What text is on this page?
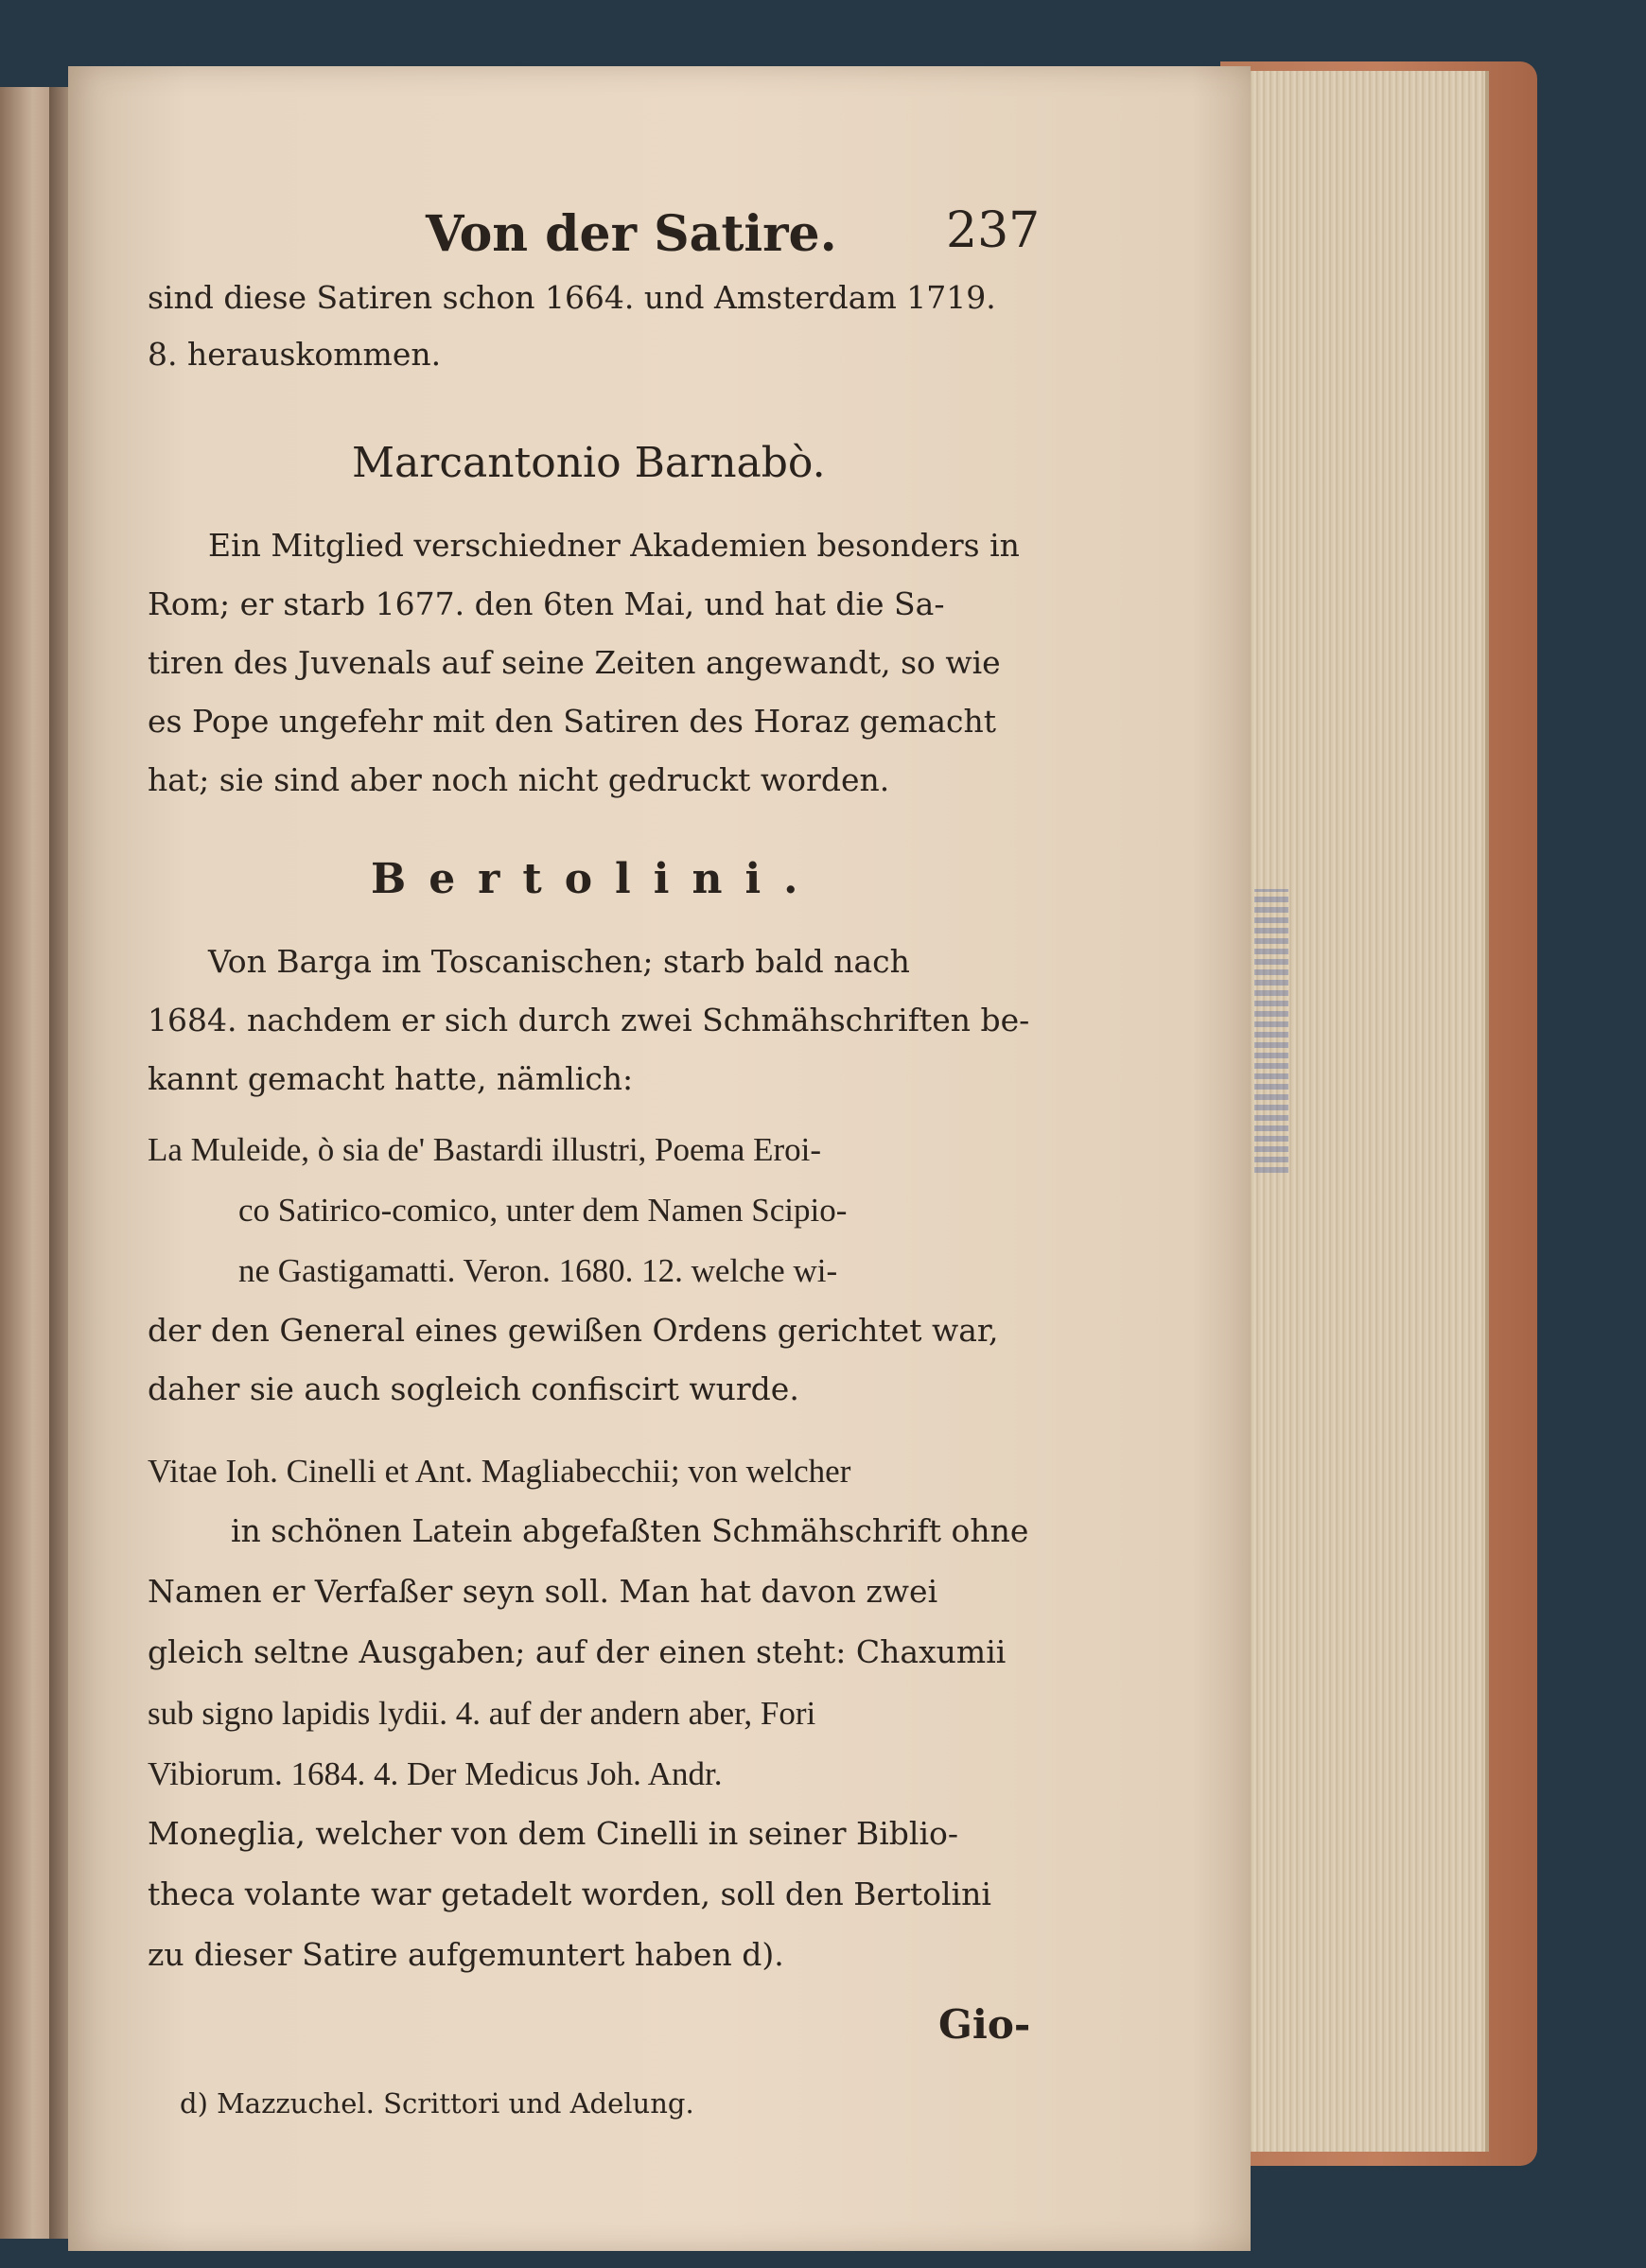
Von der Satire. 237
sind diese Satiren schon 1664. und Amsterdam 1719.
8. herauskommen.
Marcantonio Barnabò.
Ein Mitglied verschiedner Akademien besonders in
Rom; er starb 1677. den 6ten Mai, und hat die Sa-
tiren des Juvenals auf seine Zeiten angewandt, so wie
es Pope ungefehr mit den Satiren des Horaz gemacht
hat; sie sind aber noch nicht gedruckt worden.
Bertolini.
Von Barga im Toscanischen; starb bald nach
1684. nachdem er sich durch zwei Schmähschriften be-
kannt gemacht hatte, nämlich:
La Muleide, ò sia de' Bastardi illustri, Poema Eroi-
co Satirico-comico, unter dem Namen Scipio-
ne Gastigamatti. Veron. 1680. 12. welche wi-
der den General eines gewißen Ordens gerichtet war,
daher sie auch sogleich confiscirt wurde.
Vitae Ioh. Cinelli et Ant. Magliabecchii; von welcher
in schönen Latein abgefaßten Schmähschrift ohne
Namen er Verfaßer seyn soll. Man hat davon zwei
gleich seltne Ausgaben; auf der einen steht: Chaxumii
sub signo lapidis lydii. 4. auf der andern aber, Fori
Vibiorum. 1684. 4. Der Medicus Joh. Andr.
Moneglia, welcher von dem Cinelli in seiner Biblio-
theca volante war getadelt worden, soll den Bertolini
zu dieser Satire aufgemuntert haben d).
Gio-
d) Mazzuchel. Scrittori und Adelung.
